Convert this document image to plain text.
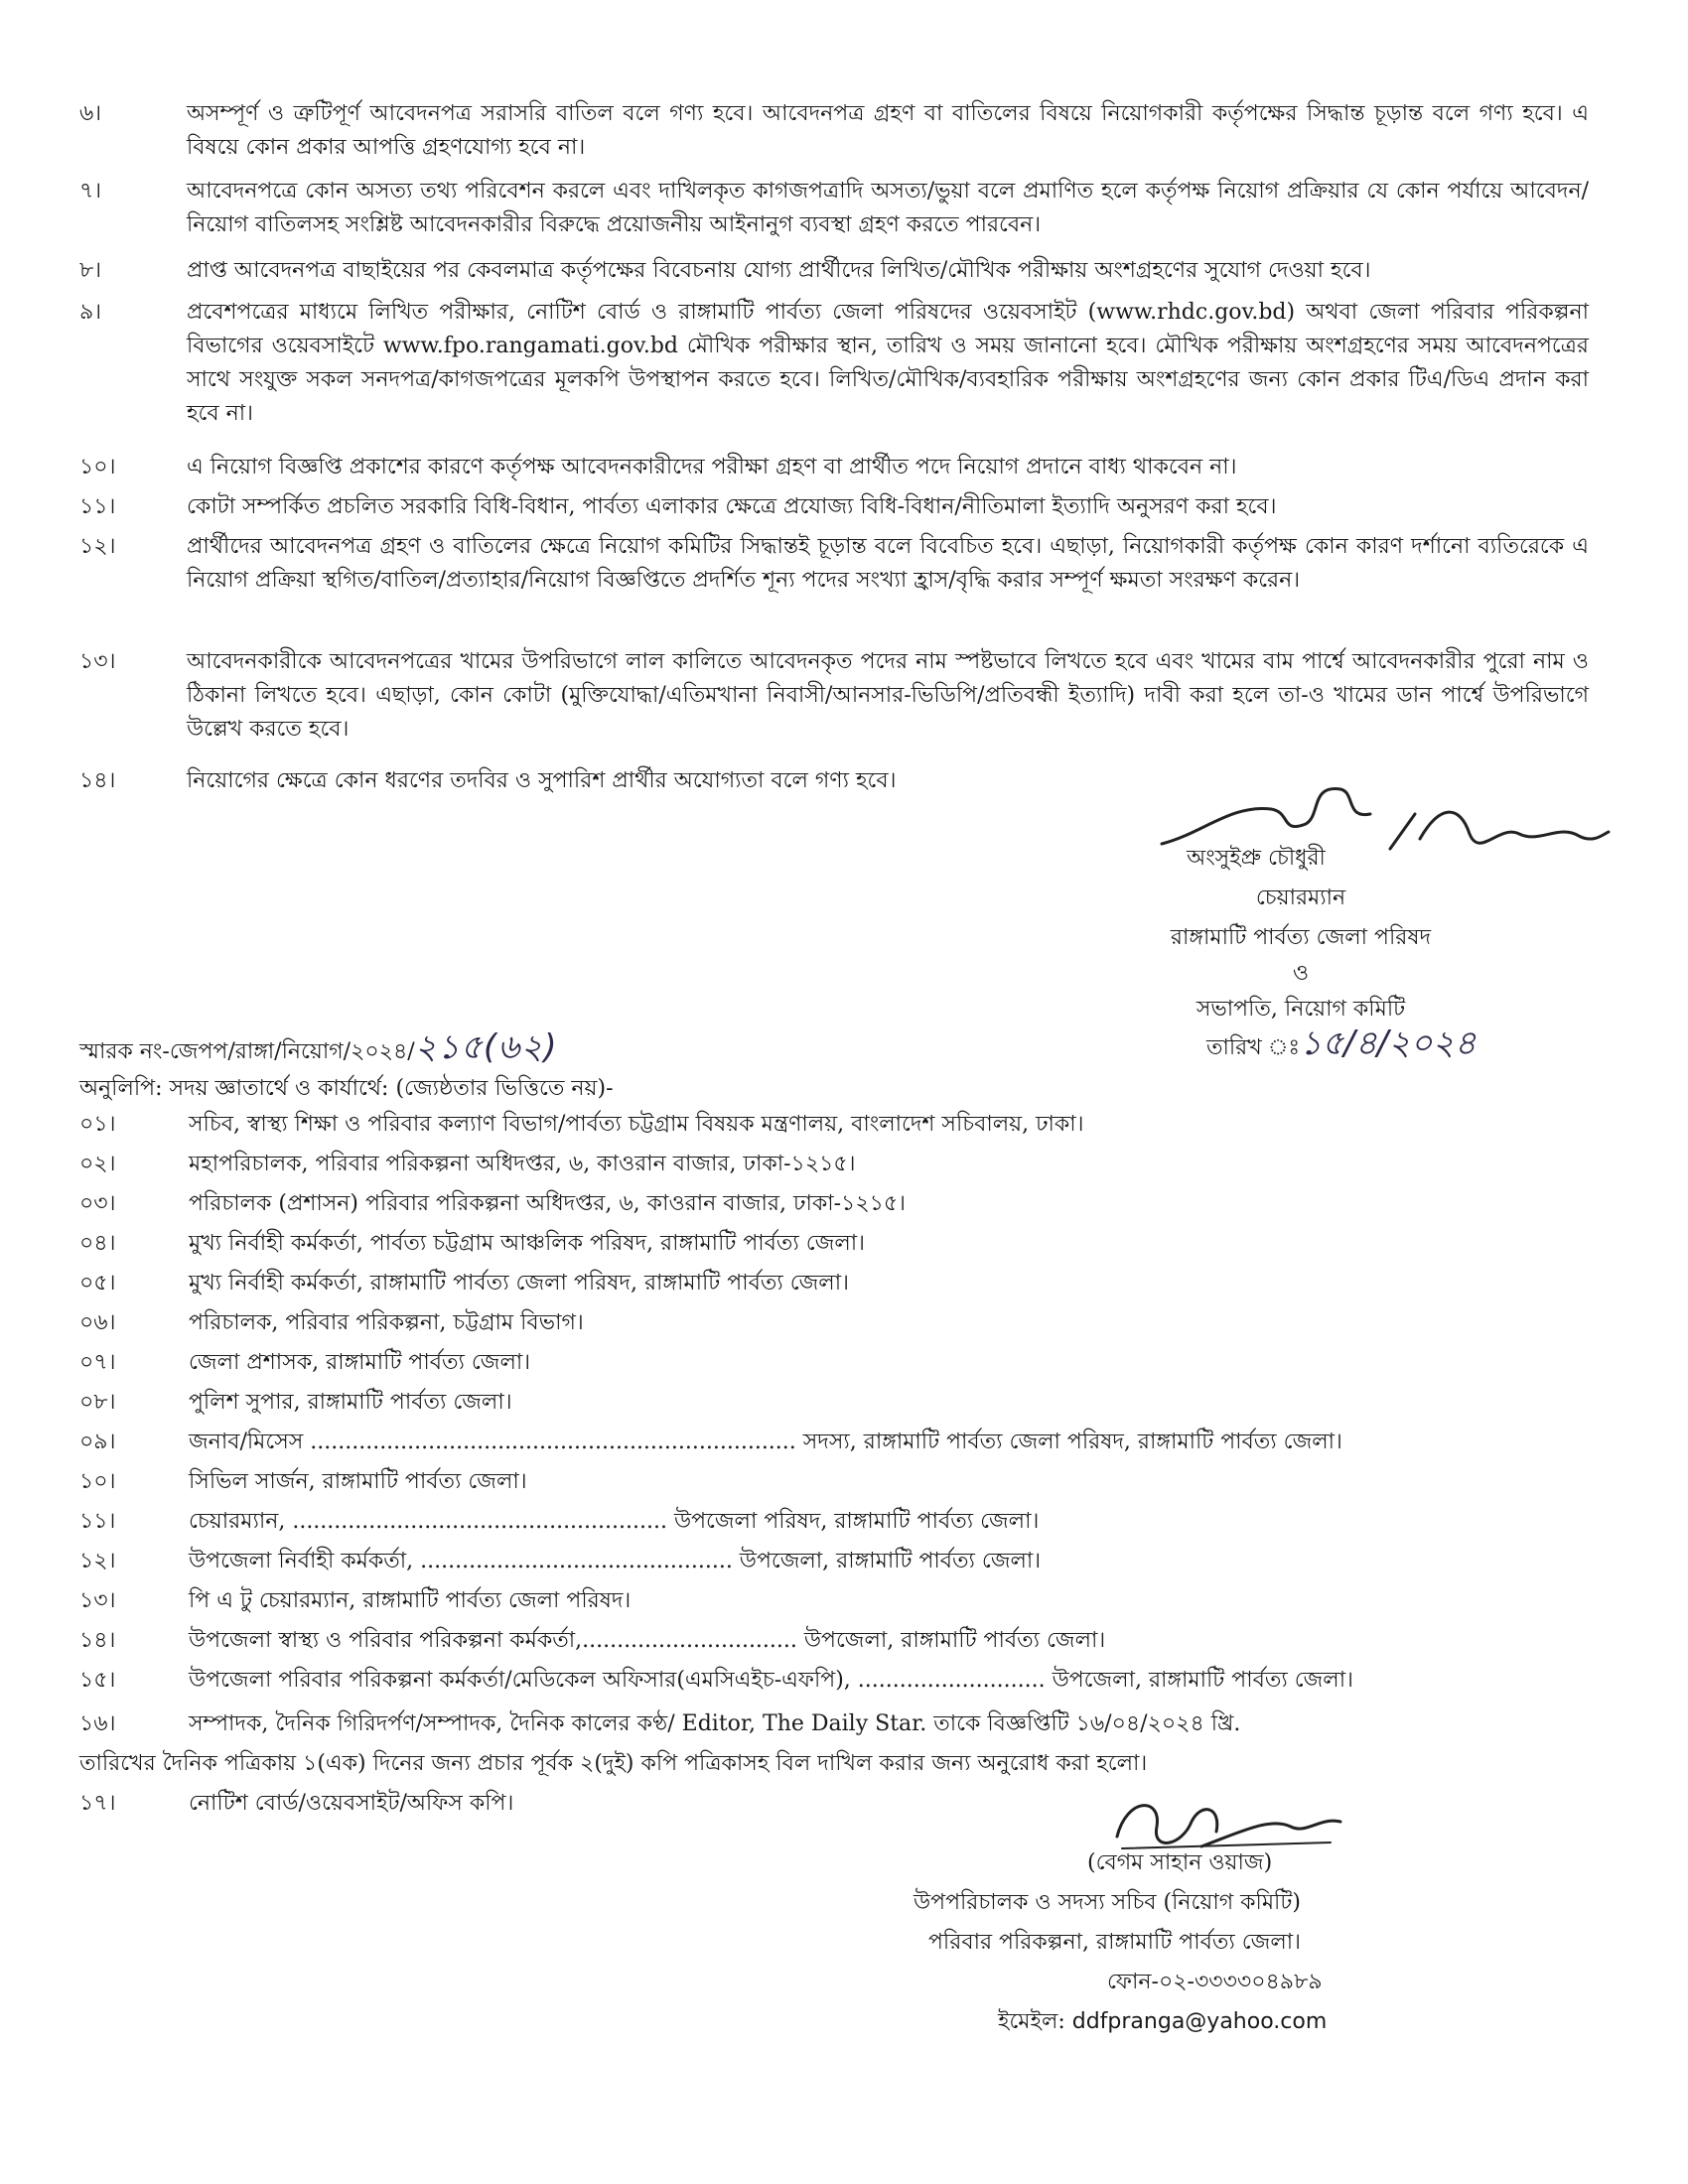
৬।	অসম্পূর্ণ ও ত্রুটিপূর্ণ আবেদনপত্র সরাসরি বাতিল বলে গণ্য হবে। আবেদনপত্র গ্রহণ বা বাতিলের বিষয়ে নিয়োগকারী কর্তৃপক্ষের সিদ্ধান্ত চূড়ান্ত বলে গণ্য হবে। এ বিষয়ে কোন প্রকার আপত্তি গ্রহণযোগ্য হবে না।
৭।	আবেদনপত্রে কোন অসত্য তথ্য পরিবেশন করলে এবং দাখিলকৃত কাগজপত্রাদি অসত্য/ভুয়া বলে প্রমাণিত হলে কর্তৃপক্ষ নিয়োগ প্রক্রিয়ার যে কোন পর্যায়ে আবেদন/নিয়োগ বাতিলসহ সংশ্লিষ্ট আবেদনকারীর বিরুদ্ধে প্রয়োজনীয় আইনানুগ ব্যবস্থা গ্রহণ করতে পারবেন।
৮।	প্রাপ্ত আবেদনপত্র বাছাইয়ের পর কেবলমাত্র কর্তৃপক্ষের বিবেচনায় যোগ্য প্রার্থীদের লিখিত/মৌখিক পরীক্ষায় অংশগ্রহণের সুযোগ দেওয়া হবে।
৯।	প্রবেশপত্রের মাধ্যমে লিখিত পরীক্ষার, নোটিশ বোর্ড ও রাঙ্গামাটি পার্বত্য জেলা পরিষদের ওয়েবসাইট (www.rhdc.gov.bd) অথবা জেলা পরিবার পরিকল্পনা বিভাগের ওয়েবসাইটে www.fpo.rangamati.gov.bd মৌখিক পরীক্ষার স্থান, তারিখ ও সময় জানানো হবে। মৌখিক পরীক্ষায় অংশগ্রহণের সময় আবেদনপত্রের সাথে সংযুক্ত সকল সনদপত্র/কাগজপত্রের মূলকপি উপস্থাপন করতে হবে। লিখিত/মৌখিক/ব্যবহারিক পরীক্ষায় অংশগ্রহণের জন্য কোন প্রকার টিএ/ডিএ প্রদান করা হবে না।
১০।	এ নিয়োগ বিজ্ঞপ্তি প্রকাশের কারণে কর্তৃপক্ষ আবেদনকারীদের পরীক্ষা গ্রহণ বা প্রার্থীত পদে নিয়োগ প্রদানে বাধ্য থাকবেন না।
১১।	কোটা সম্পর্কিত প্রচলিত সরকারি বিধি-বিধান, পার্বত্য এলাকার ক্ষেত্রে প্রযোজ্য বিধি-বিধান/নীতিমালা ইত্যাদি অনুসরণ করা হবে।
১২।	প্রার্থীদের আবেদনপত্র গ্রহণ ও বাতিলের ক্ষেত্রে নিয়োগ কমিটির সিদ্ধান্তই চূড়ান্ত বলে বিবেচিত হবে। এছাড়া, নিয়োগকারী কর্তৃপক্ষ কোন কারণ দর্শানো ব্যতিরেকে এ নিয়োগ প্রক্রিয়া স্থগিত/বাতিল/প্রত্যাহার/নিয়োগ বিজ্ঞপ্তিতে প্রদর্শিত শূন্য পদের সংখ্যা হ্রাস/বৃদ্ধি করার সম্পূর্ণ ক্ষমতা সংরক্ষণ করেন।
১৩।	আবেদনকারীকে আবেদনপত্রের খামের উপরিভাগে লাল কালিতে আবেদনকৃত পদের নাম স্পষ্টভাবে লিখতে হবে এবং খামের বাম পার্শ্বে আবেদনকারীর পুরো নাম ও ঠিকানা লিখতে হবে। এছাড়া, কোন কোটা (মুক্তিযোদ্ধা/এতিমখানা নিবাসী/আনসার-ভিডিপি/প্রতিবন্ধী ইত্যাদি) দাবী করা হলে তা-ও খামের ডান পার্শ্বে উপরিভাগে উল্লেখ করতে হবে।
১৪।	নিয়োগের ক্ষেত্রে কোন ধরণের তদবির ও সুপারিশ প্রার্থীর অযোগ্যতা বলে গণ্য হবে।
অংসুইপ্রু চৌধুরী
চেয়ারম্যান
রাঙ্গামাটি পার্বত্য জেলা পরিষদ
ও
সভাপতি, নিয়োগ কমিটি
স্মারক নং-জেপপ/রাঙ্গা/নিয়োগ/২০২৪/২১৫(৬২)	তারিখ ঃ১৫/৪/২০২৪
অনুলিপি: সদয় জ্ঞাতার্থে ও কার্যার্থে: (জ্যেষ্ঠতার ভিত্তিতে নয়)-
০১।	সচিব, স্বাস্থ্য শিক্ষা ও পরিবার কল্যাণ বিভাগ/পার্বত্য চট্টগ্রাম বিষয়ক মন্ত্রণালয়, বাংলাদেশ সচিবালয়, ঢাকা।
০২।	মহাপরিচালক, পরিবার পরিকল্পনা অধিদপ্তর, ৬, কাওরান বাজার, ঢাকা-১২১৫।
০৩।	পরিচালক (প্রশাসন) পরিবার পরিকল্পনা অধিদপ্তর, ৬, কাওরান বাজার, ঢাকা-১২১৫।
০৪।	মুখ্য নির্বাহী কর্মকর্তা, পার্বত্য চট্টগ্রাম আঞ্চলিক পরিষদ, রাঙ্গামাটি পার্বত্য জেলা।
০৫।	মুখ্য নির্বাহী কর্মকর্তা, রাঙ্গামাটি পার্বত্য জেলা পরিষদ, রাঙ্গামাটি পার্বত্য জেলা।
০৬।	পরিচালক, পরিবার পরিকল্পনা, চট্টগ্রাম বিভাগ।
০৭।	জেলা প্রশাসক, রাঙ্গামাটি পার্বত্য জেলা।
০৮।	পুলিশ সুপার, রাঙ্গামাটি পার্বত্য জেলা।
০৯।	জনাব/মিসেস ...................................................................... সদস্য, রাঙ্গামাটি পার্বত্য জেলা পরিষদ, রাঙ্গামাটি পার্বত্য জেলা।
১০।	সিভিল সার্জন, রাঙ্গামাটি পার্বত্য জেলা।
১১।	চেয়ারম্যান, ...................................................... উপজেলা পরিষদ, রাঙ্গামাটি পার্বত্য জেলা।
১২।	উপজেলা নির্বাহী কর্মকর্তা, ............................................. উপজেলা, রাঙ্গামাটি পার্বত্য জেলা।
১৩।	পি এ টু চেয়ারম্যান, রাঙ্গামাটি পার্বত্য জেলা পরিষদ।
১৪।	উপজেলা স্বাস্থ্য ও পরিবার পরিকল্পনা কর্মকর্তা,............................... উপজেলা, রাঙ্গামাটি পার্বত্য জেলা।
১৫।	উপজেলা পরিবার পরিকল্পনা কর্মকর্তা/মেডিকেল অফিসার(এমসিএইচ-এফপি), ........................... উপজেলা, রাঙ্গামাটি পার্বত্য জেলা।
১৬।	সম্পাদক, দৈনিক গিরিদর্পণ/সম্পাদক, দৈনিক কালের কণ্ঠ/ Editor, The Daily Star. তাকে বিজ্ঞপ্তিটি ১৬/০৪/২০২৪ খ্রি.
তারিখের দৈনিক পত্রিকায় ১(এক) দিনের জন্য প্রচার পূর্বক ২(দুই) কপি পত্রিকাসহ বিল দাখিল করার জন্য অনুরোধ করা হলো।
১৭।	নোটিশ বোর্ড/ওয়েবসাইট/অফিস কপি।
(বেগম সাহান ওয়াজ)
উপপরিচালক ও সদস্য সচিব (নিয়োগ কমিটি)
পরিবার পরিকল্পনা, রাঙ্গামাটি পার্বত্য জেলা।
ফোন-০২-৩৩৩৩০৪৯৮৯
ইমেইল: ddfpranga@yahoo.com
